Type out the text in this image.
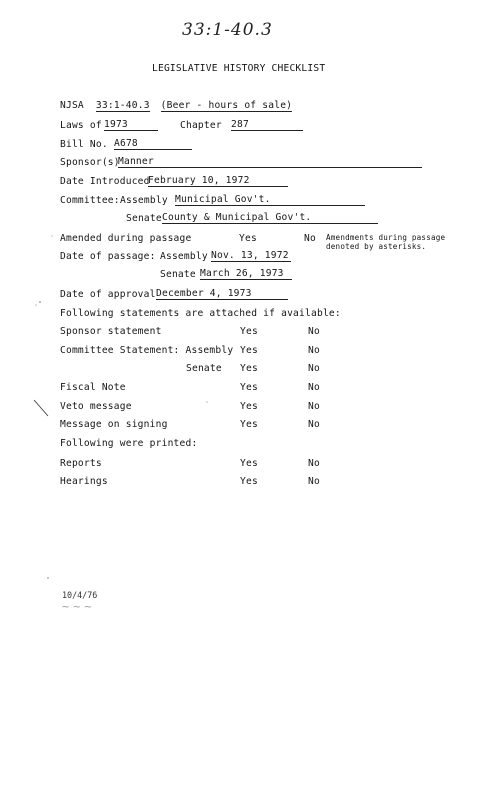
33:1-40.3
LEGISLATIVE HISTORY CHECKLIST
NJSA 33:1-40.3 (Beer - hours of sale)
Laws of 1973	Chapter 287
Bill No. A678
Sponsor(s)
Manner
Date Introduced
February 10, 1972
Committee: Assembly Municipal Gov't.
Senate County & Municipal Gov't.
Amended during passage	Yes	No Amendments during passage
denoted by asterisks.
Date of passage: Assembly Nov. 13, 1972
Senate March 26, 1973
Date of approval December 4, 1973
Following statements are attached if available:
Sponsor statement	Yes	No
Committee Statement: Assembly Yes	No
Senate Yes	No
Fiscal Note	Yes	No
Veto message	Yes	No
Message on signing	Yes	No
Following were printed:
Reports	Yes	No
Hearings	Yes	No
10/4/76
⁓ ⁓ ⁓
